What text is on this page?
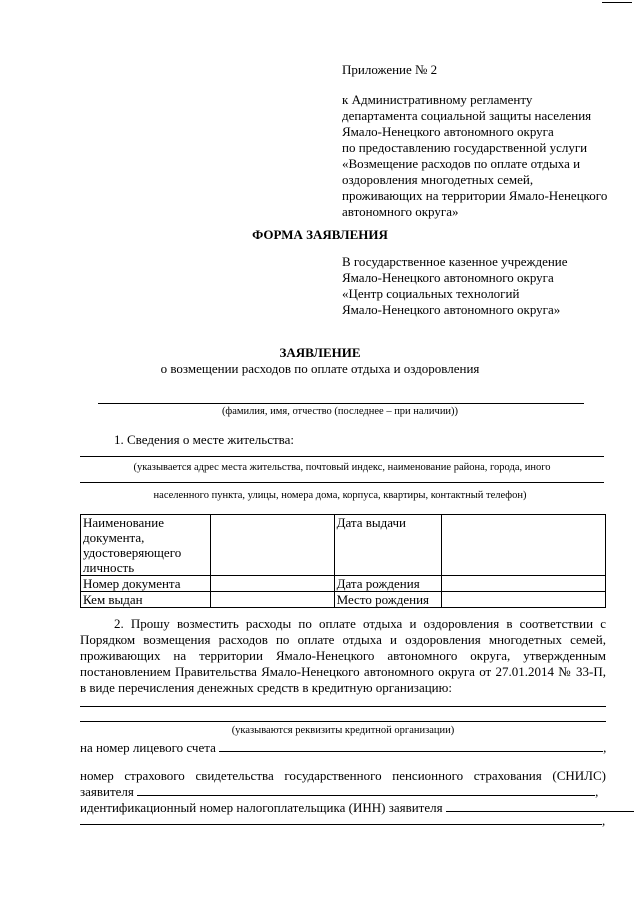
Приложение № 2
к Административному регламенту
департамента социальной защиты населения
Ямало-Ненецкого автономного округа
по предоставлению государственной услуги
«Возмещение расходов по оплате отдыха и
оздоровления многодетных семей,
проживающих на территории Ямало-Ненецкого
автономного округа»
ФОРМА ЗАЯВЛЕНИЯ
В государственное казенное учреждение
Ямало-Ненецкого автономного округа
«Центр социальных технологий
Ямало-Ненецкого автономного округа»
ЗАЯВЛЕНИЕ
о возмещении расходов по оплате отдыха и оздоровления
(фамилия, имя, отчество (последнее – при наличии))
1. Сведения о месте жительства:
(указывается адрес места жительства, почтовый индекс, наименование района, города, иного
населенного пункта, улицы, номера дома, корпуса, квартиры, контактный телефон)
Наименование документа, удостоверяющего личность		Дата выдачи	
Номер документа		Дата рождения	
Кем выдан		Место рождения	
2. Прошу возместить расходы по оплате отдыха и оздоровления в соответствии с Порядком возмещения расходов по оплате отдыха и оздоровления многодетных семей, проживающих на территории Ямало-Ненецкого автономного округа, утвержденным постановлением Правительства Ямало-Ненецкого автономного округа от 27.01.2014 № 33-П, в виде перечисления денежных средств в кредитную организацию:
(указываются реквизиты кредитной организации)
на номер лицевого счета	,
номер страхового свидетельства государственного пенсионного страхования (СНИЛС)
заявителя	,
идентификационный номер налогоплательщика (ИНН) заявителя
,
